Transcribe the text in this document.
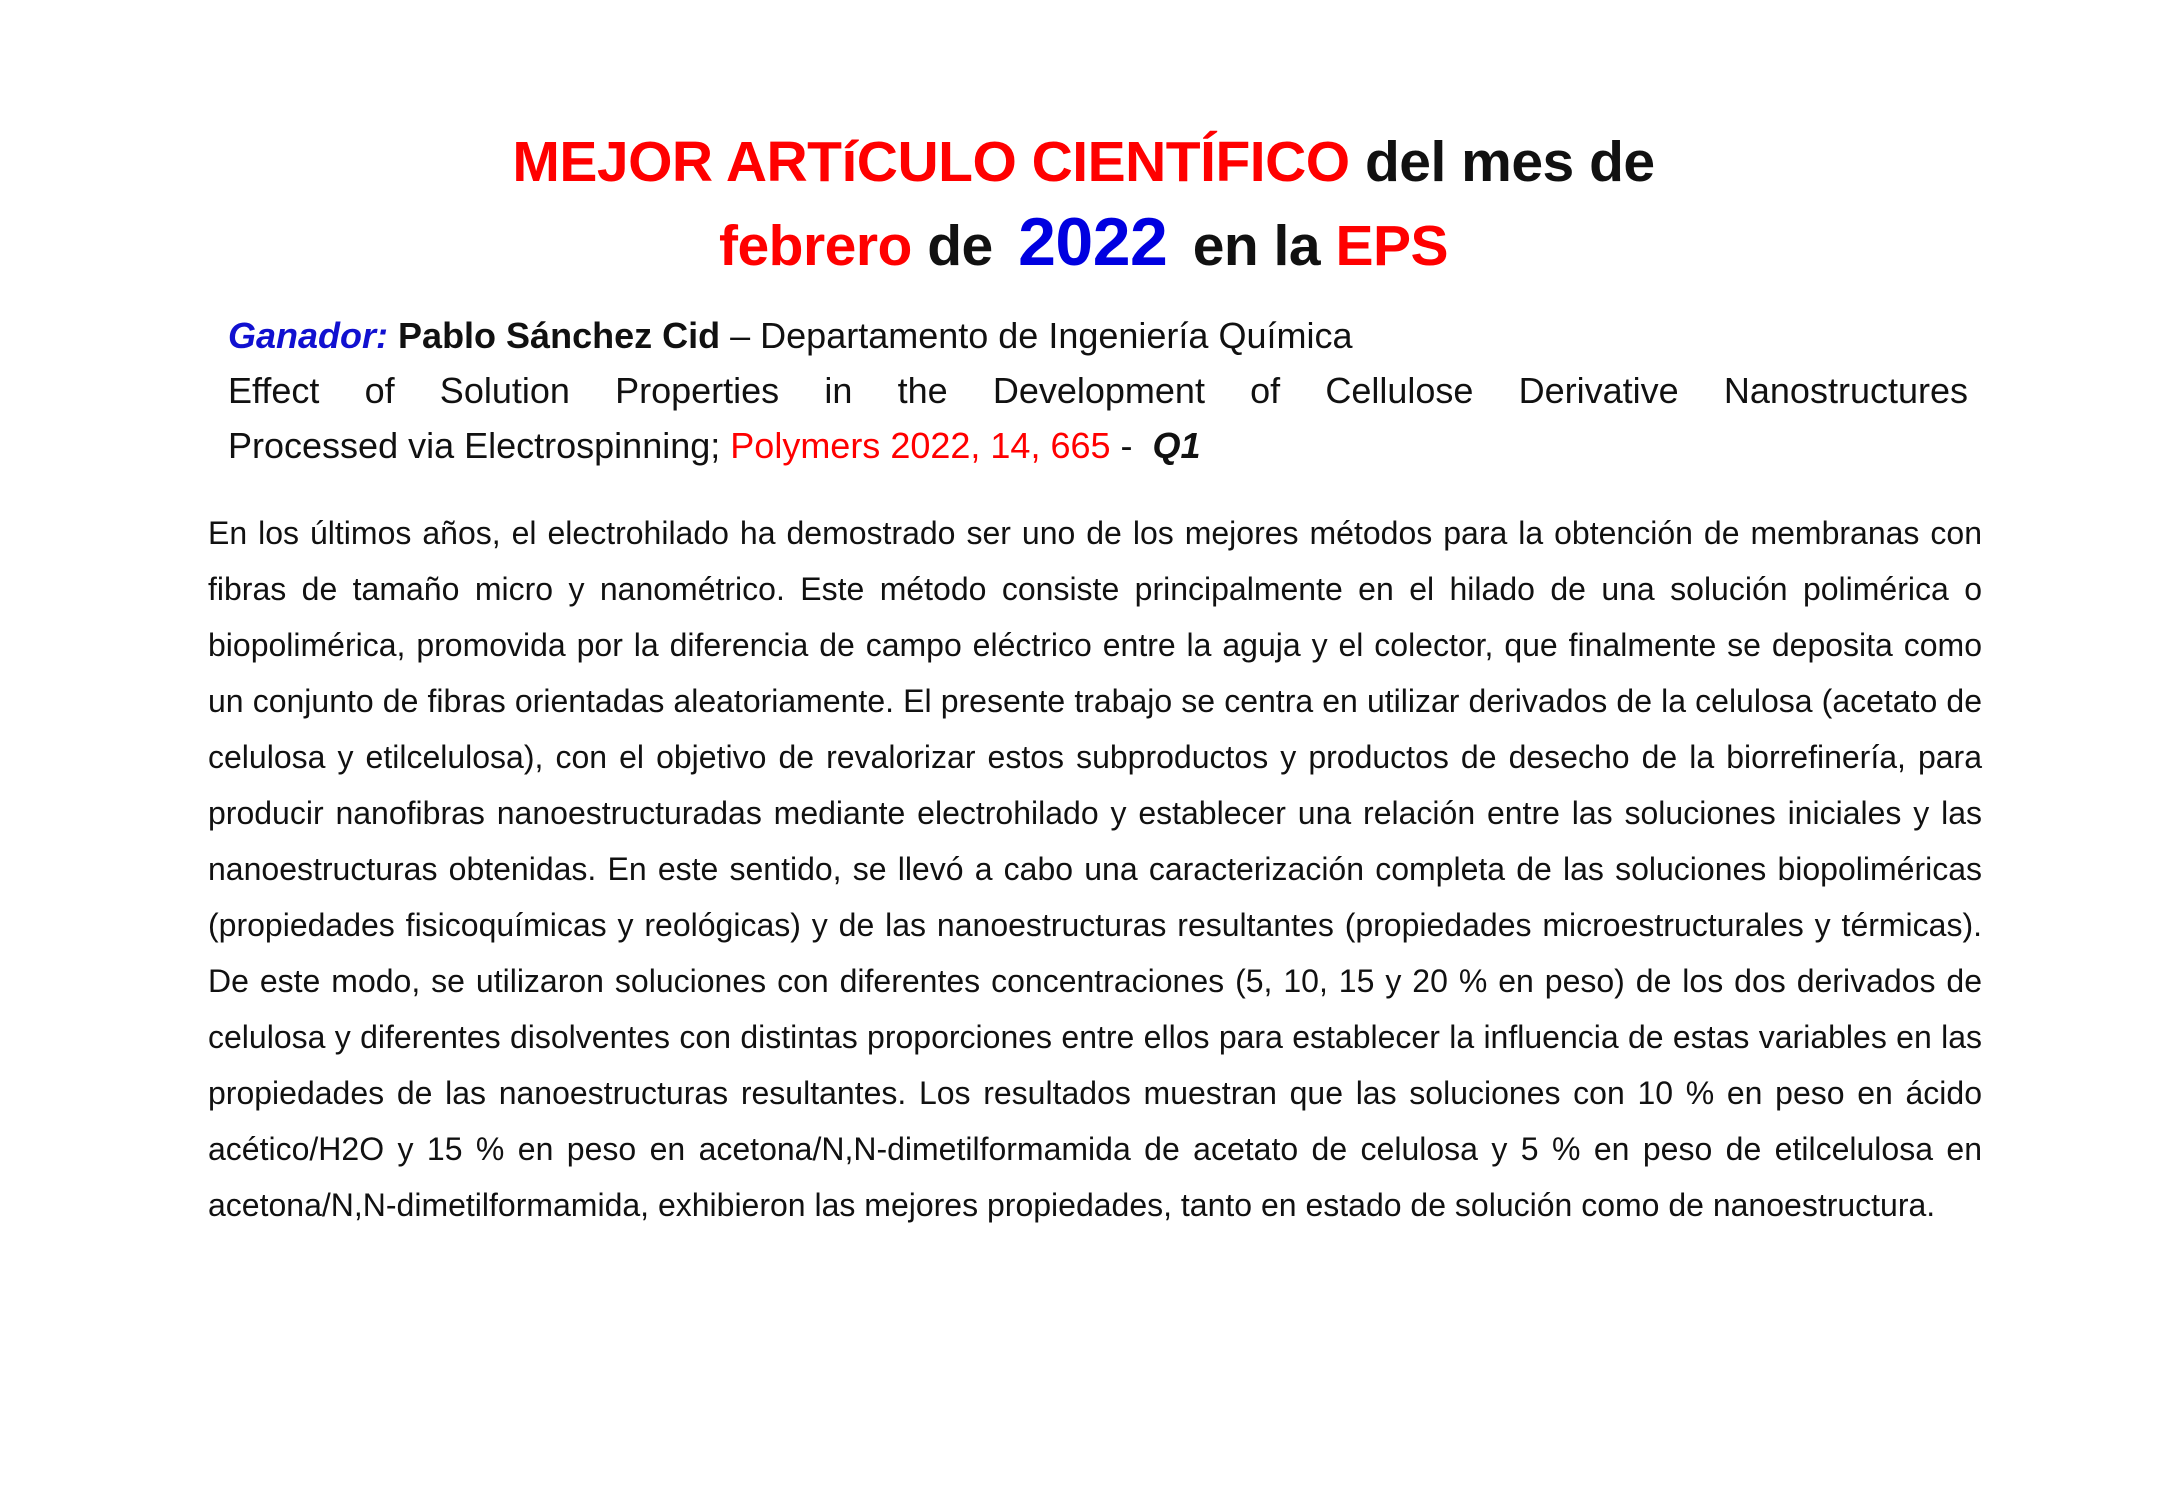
MEJOR ARTíCULO CIENTÍFICO del mes de
febrero de 2022 en la EPS
Ganador: Pablo Sánchez Cid – Departamento de Ingeniería Química
Effect of Solution Properties in the Development of Cellulose Derivative Nanostructures
Processed via Electrospinning; Polymers 2022, 14, 665 - Q1
En los últimos años, el electrohilado ha demostrado ser uno de los mejores métodos para la obtención de membranas con fibras de tamaño micro y nanométrico. Este método consiste principalmente en el hilado de una solución polimérica o biopolimérica, promovida por la diferencia de campo eléctrico entre la aguja y el colector, que finalmente se deposita como un conjunto de fibras orientadas aleatoriamente. El presente trabajo se centra en utilizar derivados de la celulosa (acetato de celulosa y etilcelulosa), con el objetivo de revalorizar estos subproductos y productos de desecho de la biorrefinería, para producir nanofibras nanoestructuradas mediante electrohilado y establecer una relación entre las soluciones iniciales y las nanoestructuras obtenidas. En este sentido, se llevó a cabo una caracterización completa de las soluciones biopoliméricas (propiedades fisicoquímicas y reológicas) y de las nanoestructuras resultantes (propiedades microestructurales y térmicas). De este modo, se utilizaron soluciones con diferentes concentraciones (5, 10, 15 y 20 % en peso) de los dos derivados de celulosa y diferentes disolventes con distintas proporciones entre ellos para establecer la influencia de estas variables en las propiedades de las nanoestructuras resultantes. Los resultados muestran que las soluciones con 10 % en peso en ácido acético/H2O y 15 % en peso en acetona/N,N-dimetilformamida de acetato de celulosa y 5 % en peso de etilcelulosa en acetona/N,N-dimetilformamida, exhibieron las mejores propiedades, tanto en estado de solución como de nanoestructura.
